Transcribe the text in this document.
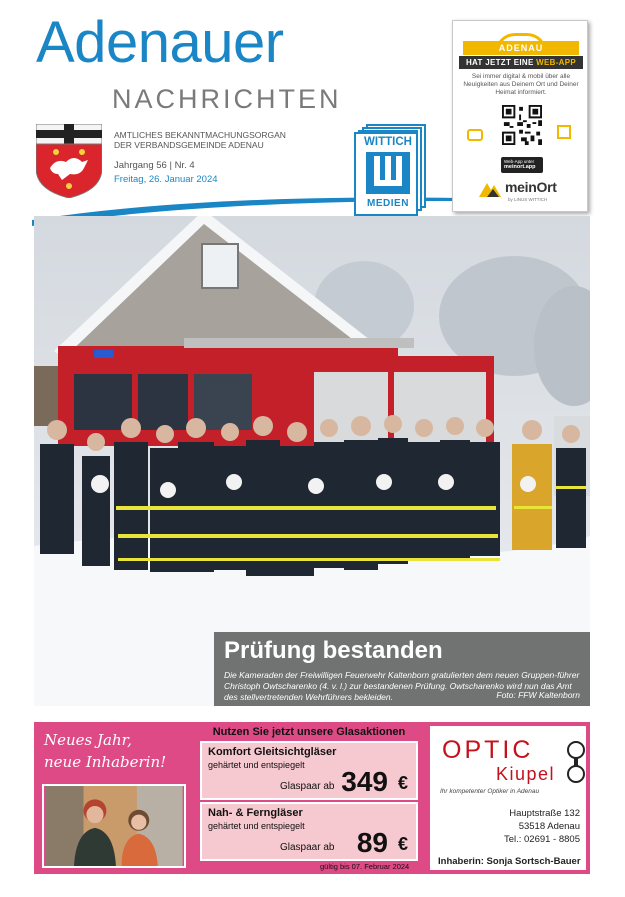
Adenauer
NACHRICHTEN
AMTLICHES BEKANNTMACHUNGSORGAN
DER VERBANDSGEMEINDE ADENAU
Jahrgang 56 | Nr. 4
Freitag, 26. Januar 2024
WITTICH
MEDIEN
ADENAU
HAT JETZT EINE WEB-APP
Sei immer digital & mobil über alle Neuigkeiten aus Deinem Ort und Deiner Heimat informiert.
Web-App unter
meinort.app
meinOrt
by LINUS WITTICH
Prüfung bestanden
Die Kameraden der Freiwilligen Feuerwehr Kaltenborn gratulierten dem neuen Gruppen-führer Christoph Owtscharenko (4. v. l.) zur bestandenen Prüfung. Owtscharenko wird nun das Amt des stellvertretenden Wehrführers bekleiden.	Foto: FFW Kaltenborn
Neues Jahr,
neue Inhaberin!
Nutzen Sie jetzt unsere Glasaktionen
Komfort Gleitsichtgläser
gehärtet und entspiegelt
Glaspaar ab 349 €
Nah- & Ferngläser
gehärtet und entspiegelt
Glaspaar ab 89 €
gültig bis 07. Februar 2024
OPTIC
Kiupel
Ihr kompetenter Optiker in Adenau
Hauptstraße 132
53518 Adenau
Tel.: 02691 - 8805
Inhaberin: Sonja Sortsch-Bauer
